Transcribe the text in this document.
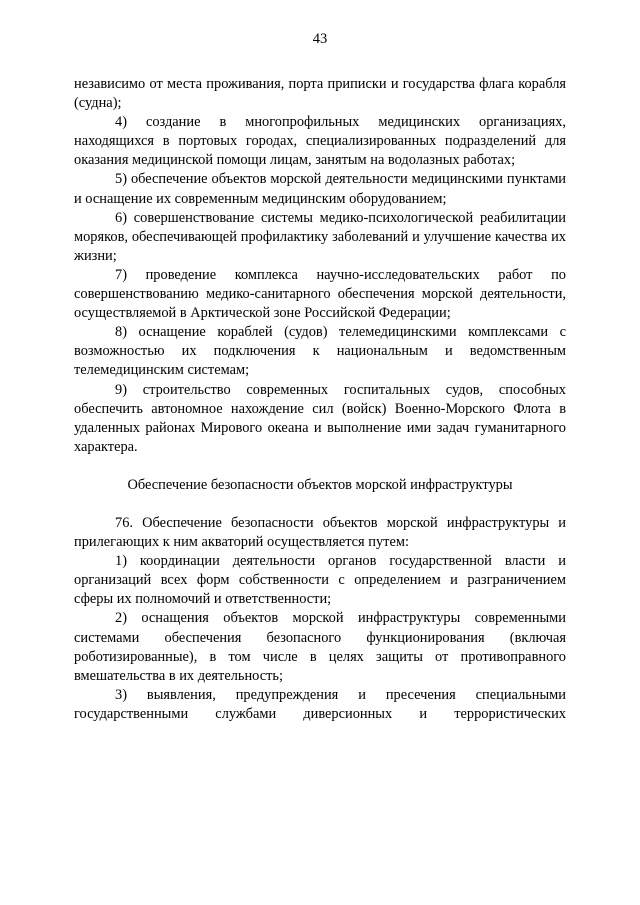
43

независимо от места проживания, порта приписки и государства флага корабля (судна);

4) создание в многопрофильных медицинских организациях, находящихся в портовых городах, специализированных подразделений для оказания медицинской помощи лицам, занятым на водолазных работах;

5) обеспечение объектов морской деятельности медицинскими пунктами и оснащение их современным медицинским оборудованием;

6) совершенствование системы медико-психологической реабилитации моряков, обеспечивающей профилактику заболеваний и улучшение качества их жизни;

7) проведение комплекса научно-исследовательских работ по совершенствованию медико-санитарного обеспечения морской деятельности, осуществляемой в Арктической зоне Российской Федерации;

8) оснащение кораблей (судов) телемедицинскими комплексами с возможностью их подключения к национальным и ведомственным телемедицинским системам;

9) строительство современных госпитальных судов, способных обеспечить автономное нахождение сил (войск) Военно-Морского Флота в удаленных районах Мирового океана и выполнение ими задач гуманитарного характера.

Обеспечение безопасности объектов морской инфраструктуры

76. Обеспечение безопасности объектов морской инфраструктуры и прилегающих к ним акваторий осуществляется путем:

1) координации деятельности органов государственной власти и организаций всех форм собственности с определением и разграничением сферы их полномочий и ответственности;

2) оснащения объектов морской инфраструктуры современными системами обеспечения безопасного функционирования (включая роботизированные), в том числе в целях защиты от противоправного вмешательства в их деятельность;

3) выявления, предупреждения и пресечения специальными государственными службами диверсионных и террористических
